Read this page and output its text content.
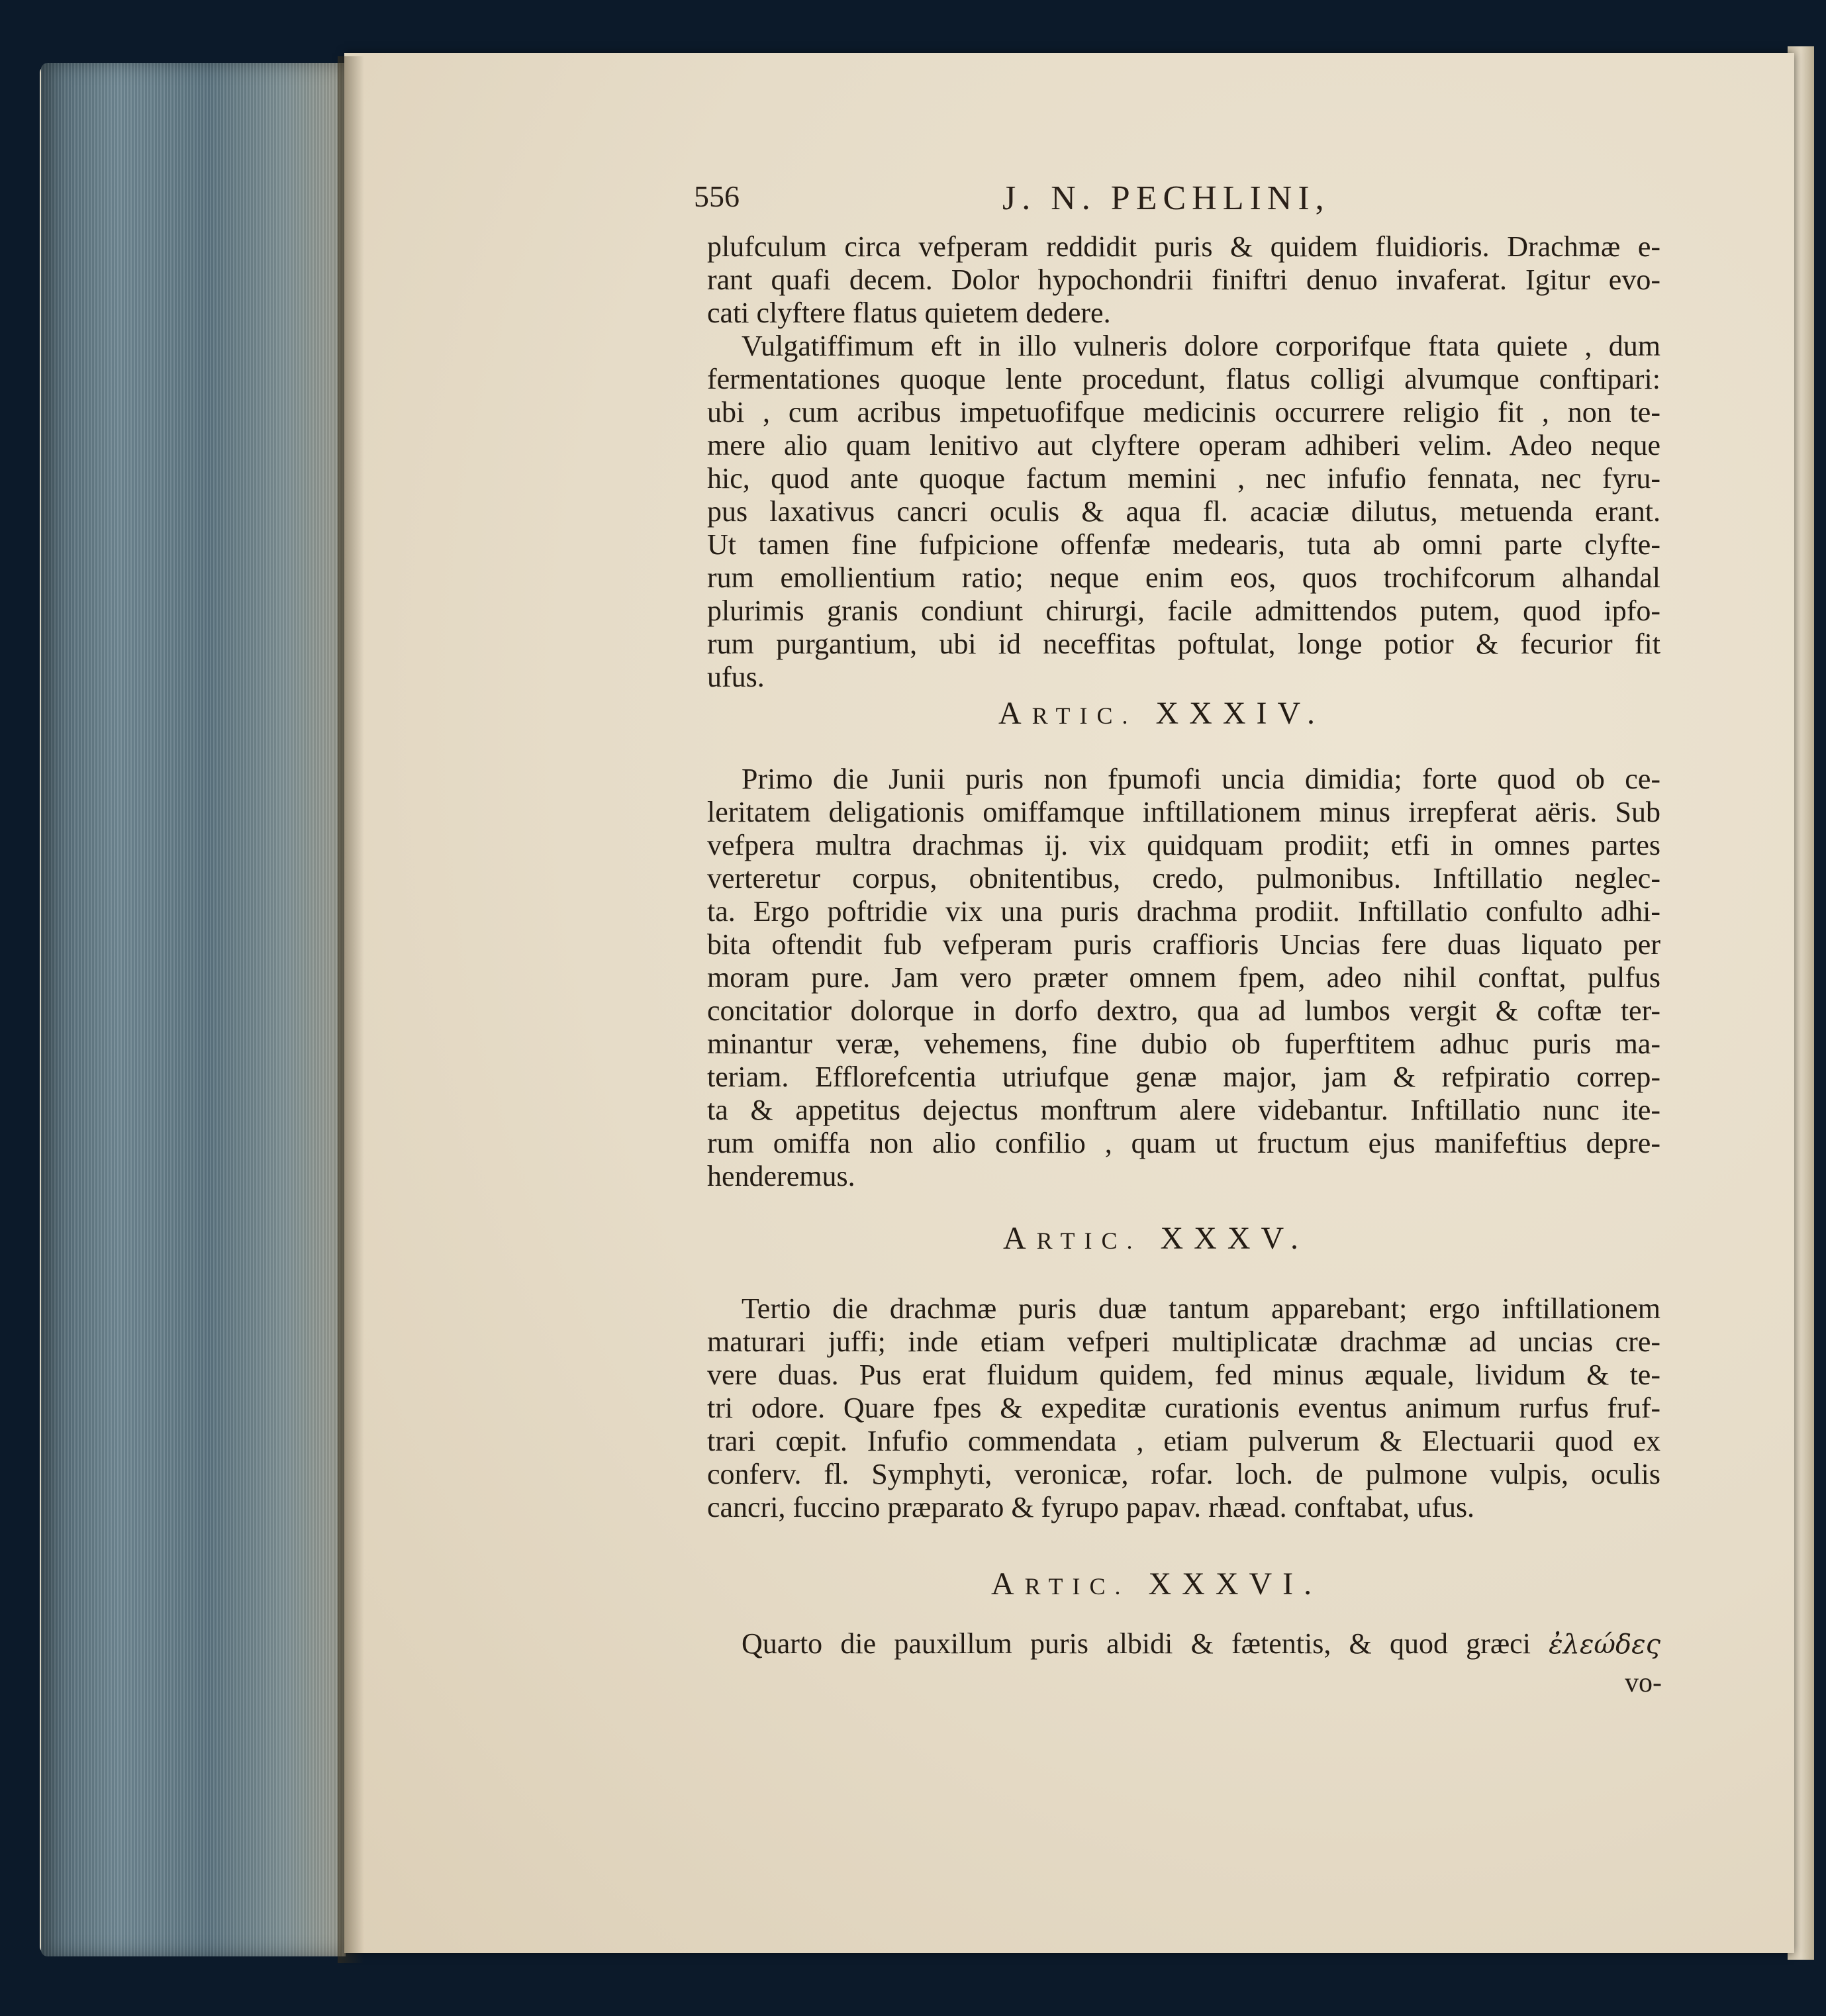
556	J. N. PECHLINI,
plufculum circa vefperam reddidit puris & quidem fluidioris. Drachmæ e-
rant quafi decem. Dolor hypochondrii finiftri denuo invaferat. Igitur evo-
cati clyftere flatus quietem dedere.
Vulgatiffimum eft in illo vulneris dolore corporifque ftata quiete , dum
fermentationes quoque lente procedunt, flatus colligi alvumque conftipari:
ubi , cum acribus impetuofifque medicinis occurrere religio fit , non te-
mere alio quam lenitivo aut clyftere operam adhiberi velim. Adeo neque
hic, quod ante quoque factum memini , nec infufio fennata, nec fyru-
pus laxativus cancri oculis & aqua fl. acaciæ dilutus, metuenda erant.
Ut tamen fine fufpicione offenfæ medearis, tuta ab omni parte clyfte-
rum emollientium ratio; neque enim eos, quos trochifcorum alhandal
plurimis granis condiunt chirurgi, facile admittendos putem, quod ipfo-
rum purgantium, ubi id neceffitas poftulat, longe potior & fecurior fit
ufus.
ARTIC. XXXIV.
Primo die Junii puris non fpumofi uncia dimidia; forte quod ob ce-
leritatem deligationis omiffamque inftillationem minus irrepferat aëris. Sub
vefpera multra drachmas ij. vix quidquam prodiit; etfi in omnes partes
verteretur corpus, obnitentibus, credo, pulmonibus. Inftillatio neglec-
ta. Ergo poftridie vix una puris drachma prodiit. Inftillatio confulto adhi-
bita oftendit fub vefperam puris craffioris Uncias fere duas liquato per
moram pure. Jam vero præter omnem fpem, adeo nihil conftat, pulfus
concitatior dolorque in dorfo dextro, qua ad lumbos vergit & coftæ ter-
minantur veræ, vehemens, fine dubio ob fuperftitem adhuc puris ma-
teriam. Efflorefcentia utriufque genæ major, jam & refpiratio correp-
ta & appetitus dejectus monftrum alere videbantur. Inftillatio nunc ite-
rum omiffa non alio confilio , quam ut fructum ejus manifeftius depre-
henderemus.
ARTIC. XXXV.
Tertio die drachmæ puris duæ tantum apparebant; ergo inftillationem
maturari juffi; inde etiam vefperi multiplicatæ drachmæ ad uncias cre-
vere duas. Pus erat fluidum quidem, fed minus æquale, lividum & te-
tri odore. Quare fpes & expeditæ curationis eventus animum rurfus fruf-
trari cœpit. Infufio commendata , etiam pulverum & Electuarii quod ex
conferv. fl. Symphyti, veronicæ, rofar. loch. de pulmone vulpis, oculis
cancri, fuccino præparato & fyrupo papav. rhæad. conftabat, ufus.
ARTIC. XXXVI.
Quarto die pauxillum puris albidi & fætentis, & quod græci ἐλεώδες
vo-
